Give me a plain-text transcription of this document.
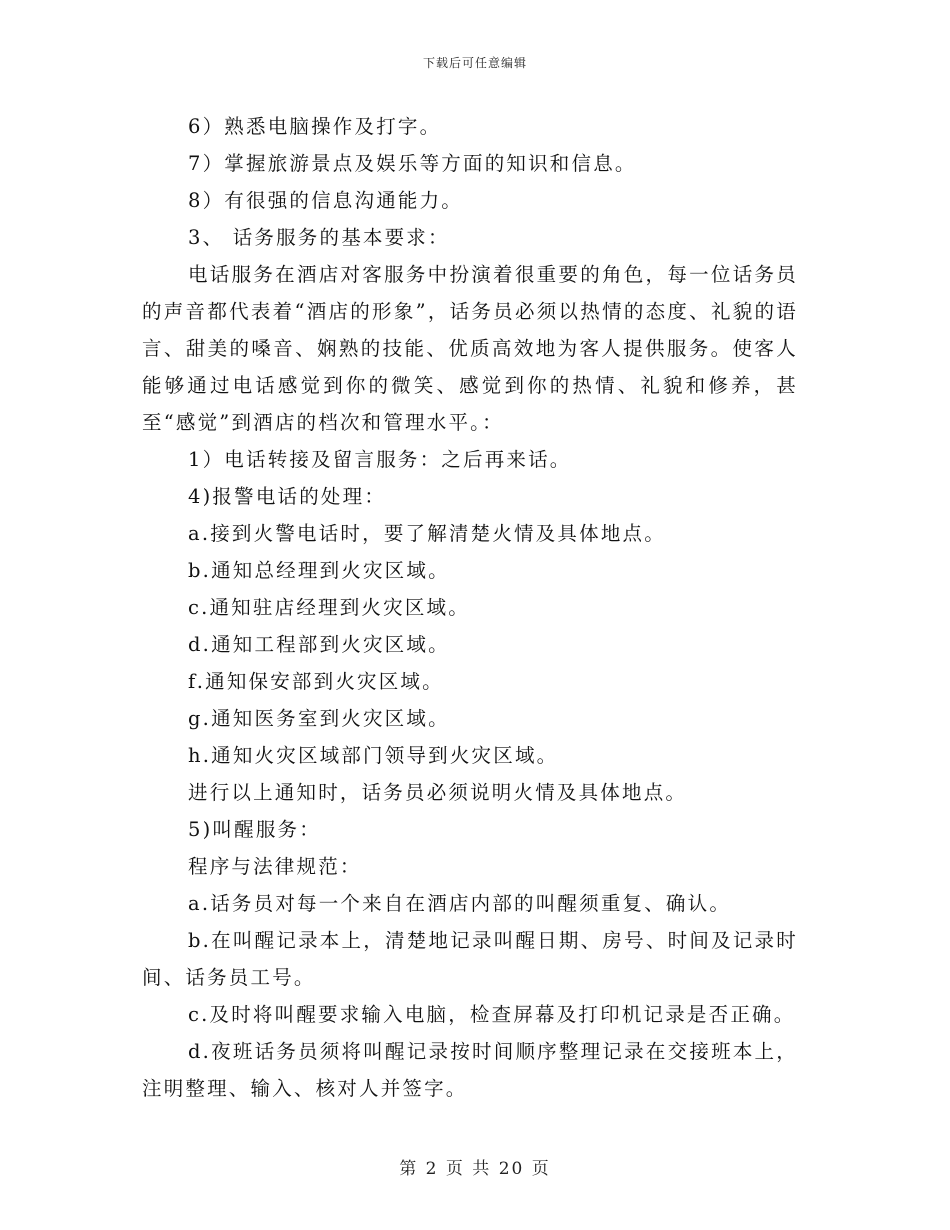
下载后可任意编辑

6）熟悉电脑操作及打字。

7）掌握旅游景点及娱乐等方面的知识和信息。

8）有很强的信息沟通能力。

3、 话务服务的基本要求：

电话服务在酒店对客服务中扮演着很重要的角色，每一位话务员的声音都代表着“酒店的形象”，话务员必须以热情的态度、礼貌的语言、甜美的嗓音、娴熟的技能、优质高效地为客人提供服务。使客人能够通过电话感觉到你的微笑、感觉到你的热情、礼貌和修养，甚至“感觉”到酒店的档次和管理水平。：

1）电话转接及留言服务：之后再来话。

4)报警电话的处理：

a.接到火警电话时，要了解清楚火情及具体地点。

b.通知总经理到火灾区域。

c.通知驻店经理到火灾区域。

d.通知工程部到火灾区域。

f.通知保安部到火灾区域。

g.通知医务室到火灾区域。

h.通知火灾区域部门领导到火灾区域。

进行以上通知时，话务员必须说明火情及具体地点。

5)叫醒服务：

程序与法律规范：

a.话务员对每一个来自在酒店内部的叫醒须重复、确认。

b.在叫醒记录本上，清楚地记录叫醒日期、房号、时间及记录时间、话务员工号。

c.及时将叫醒要求输入电脑，检查屏幕及打印机记录是否正确。

d.夜班话务员须将叫醒记录按时间顺序整理记录在交接班本上，注明整理、输入、核对人并签字。

第 2 页 共 20 页
